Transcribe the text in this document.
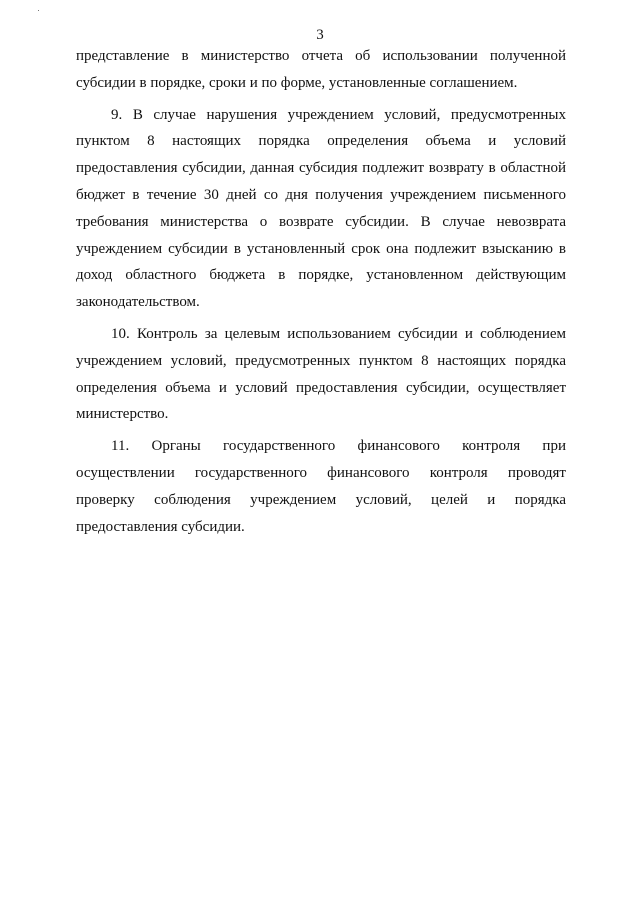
3
представление в министерство отчета об использовании полученной
субсидии в порядке, сроки и по форме, установленные соглашением.
9. В случае нарушения учреждением условий, предусмотренных
пунктом 8 настоящих порядка определения объема и условий
предоставления субсидии, данная субсидия подлежит возврату в областной
бюджет в течение 30 дней со дня получения учреждением письменного
требования министерства о возврате субсидии. В случае невозврата
учреждением субсидии в установленный срок она подлежит взысканию в
доход областного бюджета в порядке, установленном действующим
законодательством.
10. Контроль за целевым использованием субсидии и соблюдением
учреждением условий, предусмотренных пунктом 8 настоящих порядка
определения объема и условий предоставления субсидии, осуществляет
министерство.
11. Органы государственного финансового контроля при
осуществлении государственного финансового контроля проводят
проверку соблюдения учреждением условий, целей и порядка
предоставления субсидии.
